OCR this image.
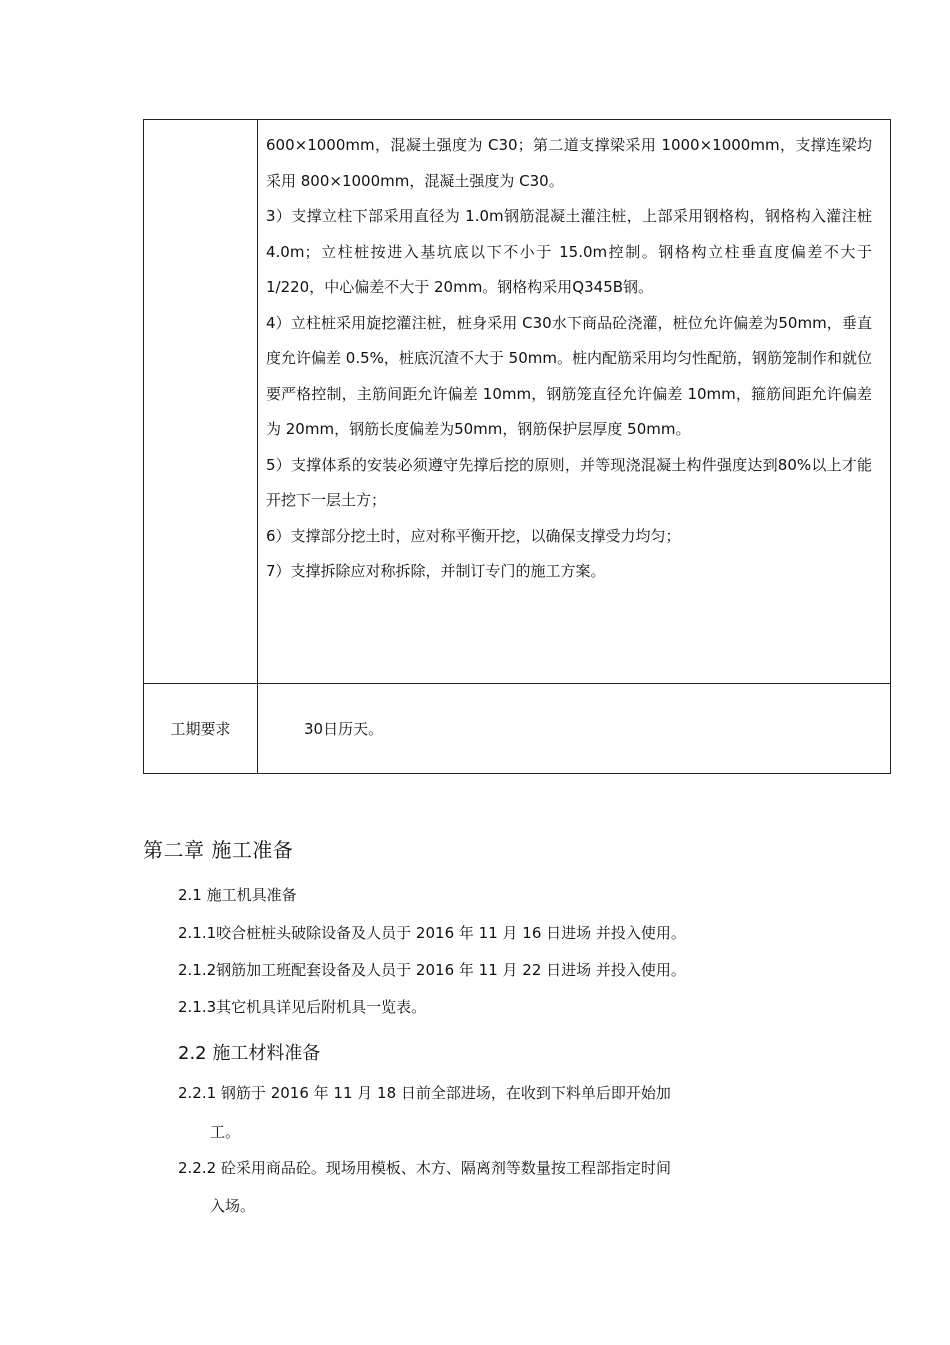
600×1000mm，混凝土强度为 C30；第二道支撑梁采用 1000×1000mm，支撑连梁均采用 800×1000mm，混凝土强度为 C30。

3）支撑立柱下部采用直径为 1.0m钢筋混凝土灌注桩，上部采用钢格构，钢格构入灌注桩 4.0m；立柱桩按进入基坑底以下不小于 15.0m控制。钢格构立柱垂直度偏差不大于 1/220，中心偏差不大于 20mm。钢格构采用Q345B钢。

4）立柱桩采用旋挖灌注桩，桩身采用 C30水下商品砼浇灌，桩位允许偏差为50mm，垂直度允许偏差 0.5%，桩底沉渣不大于 50mm。桩内配筋采用均匀性配筋，钢筋笼制作和就位要严格控制，主筋间距允许偏差 10mm，钢筋笼直径允许偏差 10mm，箍筋间距允许偏差为 20mm，钢筋长度偏差为50mm，钢筋保护层厚度 50mm。

5）支撑体系的安装必须遵守先撑后挖的原则，并等现浇混凝土构件强度达到80%以上才能开挖下一层土方；

6）支撑部分挖土时，应对称平衡开挖，以确保支撑受力均匀；

7）支撑拆除应对称拆除，并制订专门的施工方案。

工期要求	30日历天。
第二章 施工准备
2.1 施工机具准备
2.1.1咬合桩桩头破除设备及人员于 2016 年 11 月 16 日进场 并投入使用。
2.1.2钢筋加工班配套设备及人员于 2016 年 11 月 22 日进场 并投入使用。
2.1.3其它机具详见后附机具一览表。
2.2 施工材料准备
2.2.1 钢筋于 2016 年 11 月 18 日前全部进场，在收到下料单后即开始加
工。
2.2.2 砼采用商品砼。现场用模板、木方、隔离剂等数量按工程部指定时间
入场。
